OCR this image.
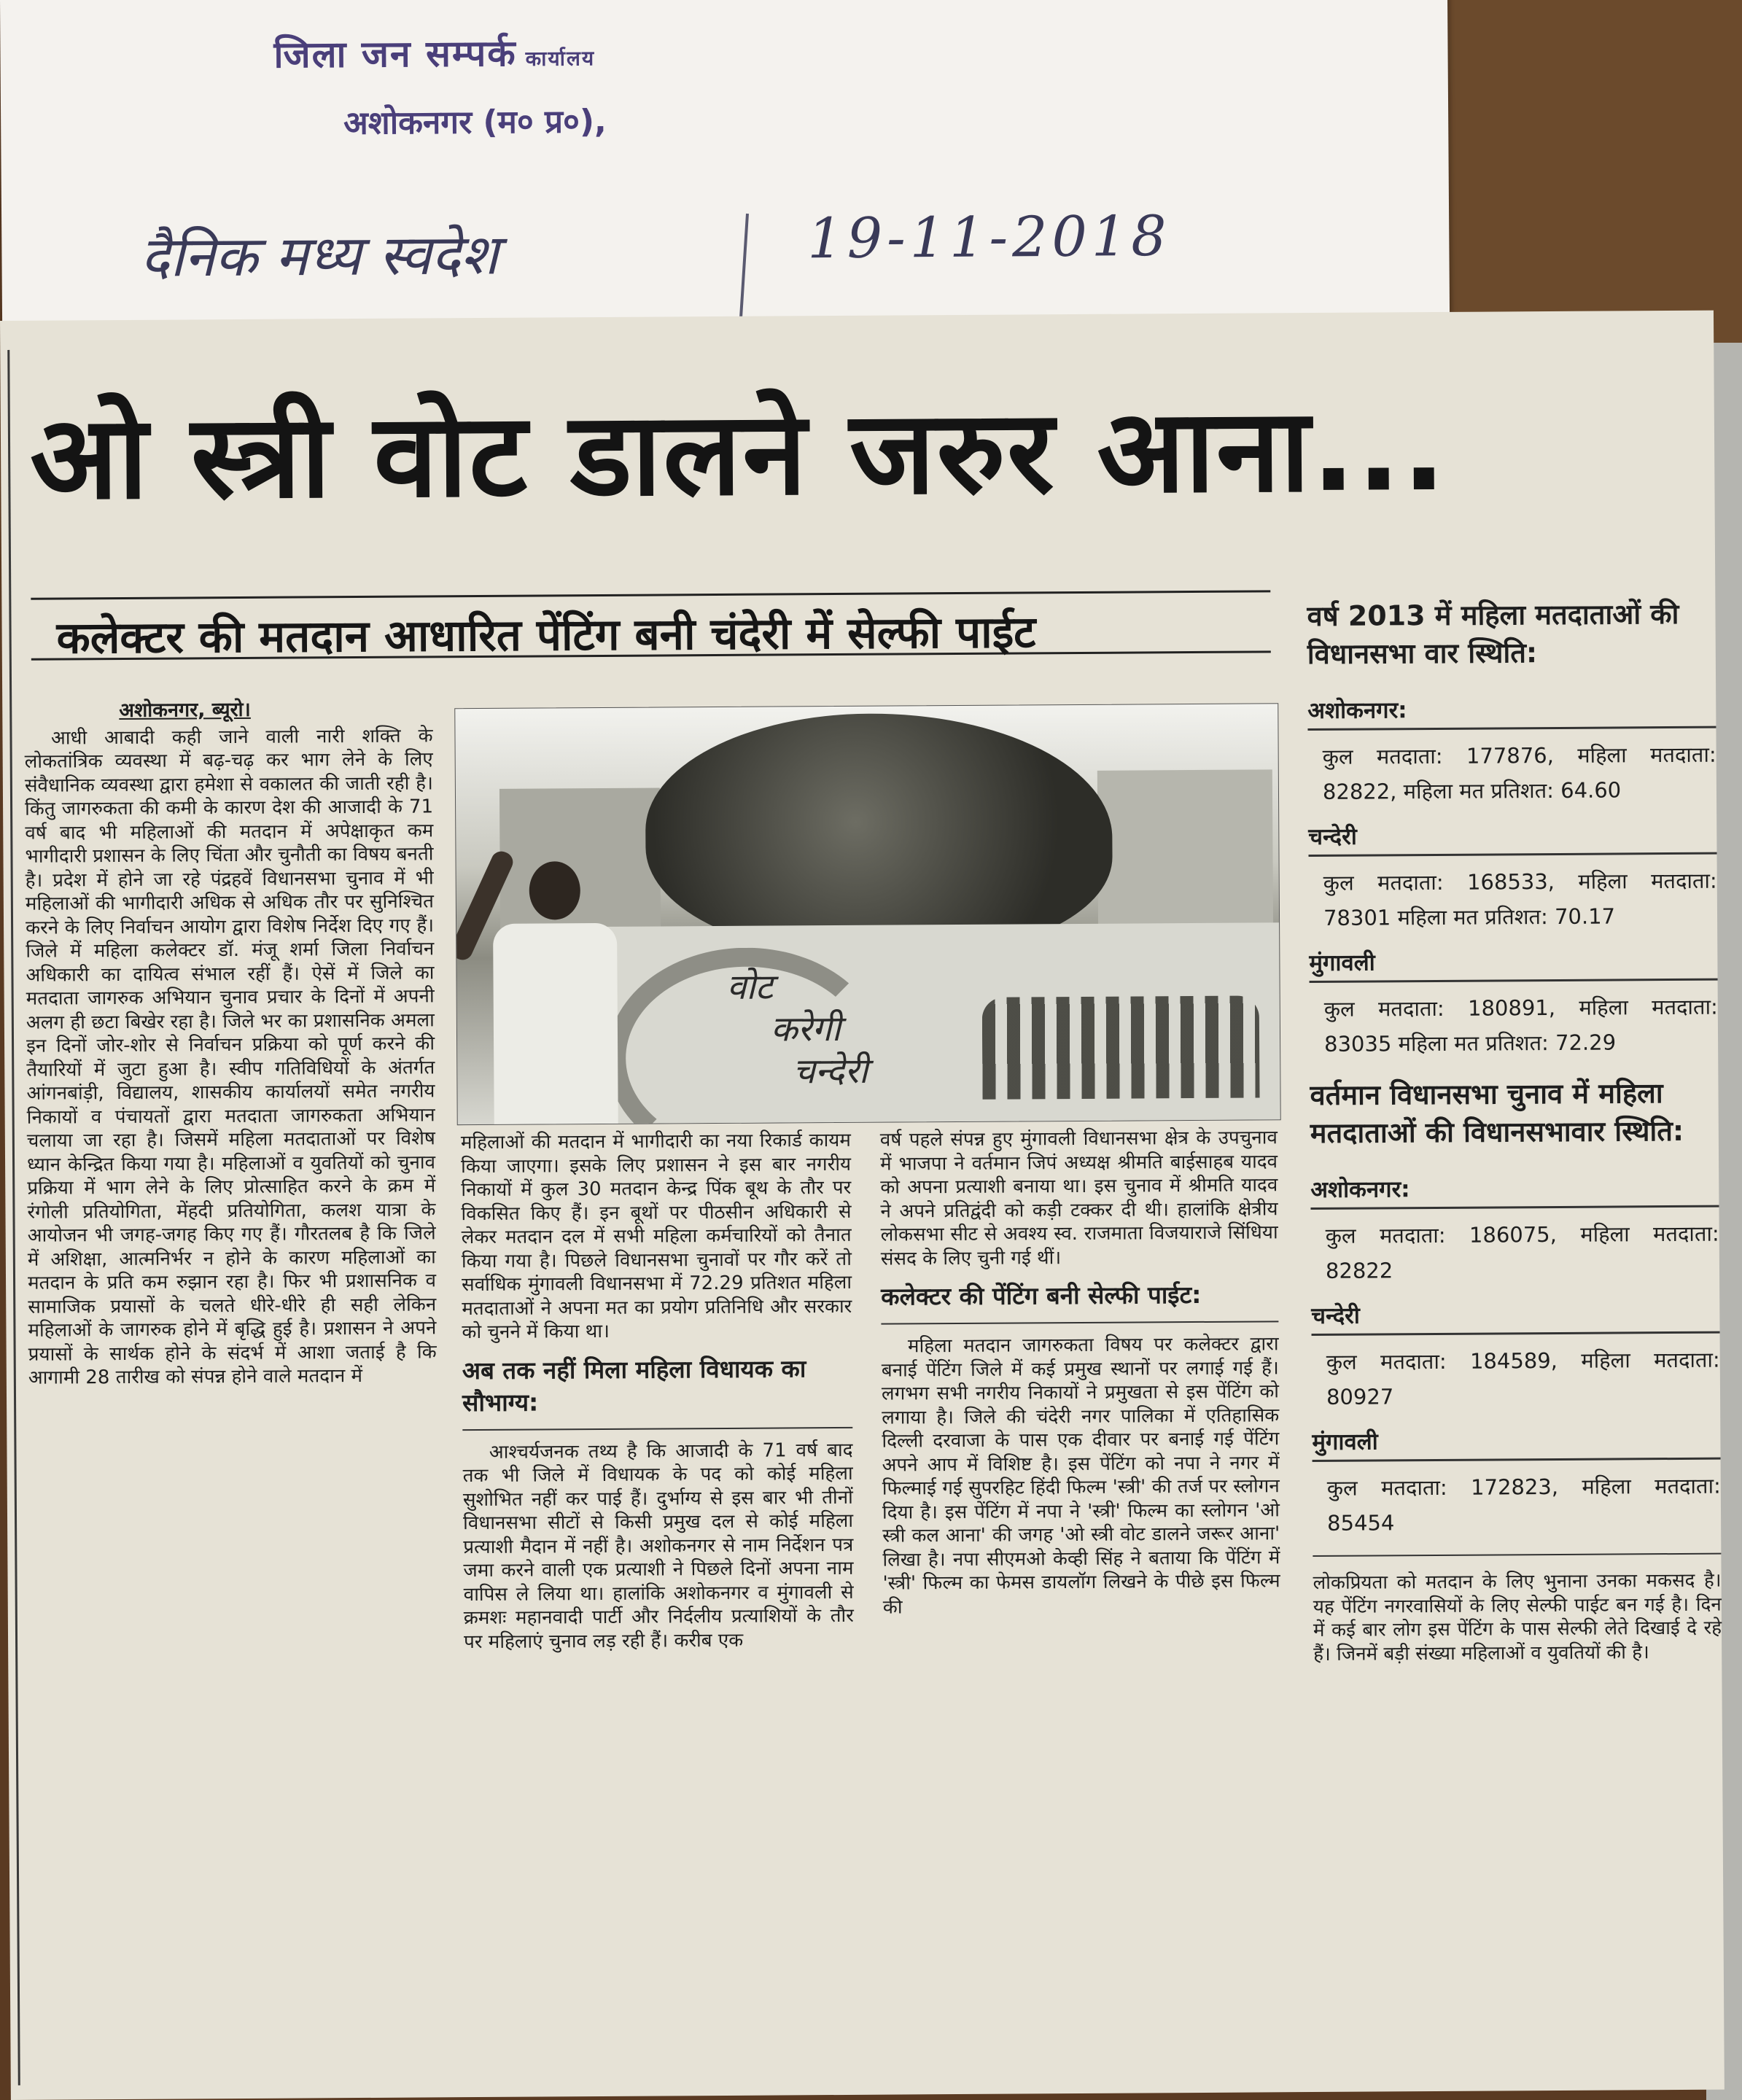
जिला जन सम्पर्क कार्यालय
अशोकनगर (म० प्र०),
दैनिक मध्य स्वदेश	19-11-2018
ओ स्त्री वोट डालने जरुर आना...
कलेक्टर की मतदान आधारित पेंटिंग बनी चंदेरी में सेल्फी पाईट
अशोकनगर, ब्यूरो।

आधी आबादी कही जाने वाली नारी शक्ति के लोकतांत्रिक व्यवस्था में बढ़-चढ़ कर भाग लेने के लिए संवैधानिक व्यवस्था द्वारा हमेशा से वकालत की जाती रही है। किंतु जागरुकता की कमी के कारण देश की आजादी के 71 वर्ष बाद भी महिलाओं की मतदान में अपेक्षाकृत कम भागीदारी प्रशासन के लिए चिंता और चुनौती का विषय बनती है। प्रदेश में होने जा रहे पंद्रहवें विधानसभा चुनाव में भी महिलाओं की भागीदारी अधिक से अधिक तौर पर सुनिश्चित करने के लिए निर्वाचन आयोग द्वारा विशेष निर्देश दिए गए हैं। जिले में महिला कलेक्टर डॉ. मंजू शर्मा जिला निर्वाचन अधिकारी का दायित्व संभाल रहीं हैं। ऐसें में जिले का मतदाता जागरुक अभियान चुनाव प्रचार के दिनों में अपनी अलग ही छटा बिखेर रहा है। जिले भर का प्रशासनिक अमला इन दिनों जोर-शोर से निर्वाचन प्रक्रिया को पूर्ण करने की तैयारियों में जुटा हुआ है। स्वीप गतिविधियों के अंतर्गत आंगनबांड़ी, विद्यालय, शासकीय कार्यालयों समेत नगरीय निकायों व पंचायतों द्वारा मतदाता जागरुकता अभियान चलाया जा रहा है। जिसमें महिला मतदाताओं पर विशेष ध्यान केन्द्रित किया गया है। महिलाओं व युवतियों को चुनाव प्रक्रिया में भाग लेने के लिए प्रोत्साहित करने के क्रम में रंगोली प्रतियोगिता, मेंहदी प्रतियोगिता, कलश यात्रा के आयोजन भी जगह-जगह किए गए हैं। गौरतलब है कि जिले में अशिक्षा, आत्मनिर्भर न होने के कारण महिलाओं का मतदान के प्रति कम रुझान रहा है। फिर भी प्रशासनिक व सामाजिक प्रयासों के चलते धीरे-धीरे ही सही लेकिन महिलाओं के जागरुक होने में बृद्धि हुई है। प्रशासन ने अपने प्रयासों के सार्थक होने के संदर्भ में आशा जताई है कि आगामी 28 तारीख को संपन्न होने वाले मतदान में

वोट
करेगी
चन्देरी

महिलाओं की मतदान में भागीदारी का नया रिकार्ड कायम किया जाएगा। इसके लिए प्रशासन ने इस बार नगरीय निकायों में कुल 30 मतदान केन्द्र पिंक बूथ के तौर पर विकसित किए हैं। इन बूथों पर पीठसीन अधिकारी से लेकर मतदान दल में सभी महिला कर्मचारियों को तैनात किया गया है। पिछले विधानसभा चुनावों पर गौर करें तो सर्वाधिक मुंगावली विधानसभा में 72.29 प्रतिशत महिला मतदाताओं ने अपना मत का प्रयोग प्रतिनिधि और सरकार को चुनने में किया था।

अब तक नहीं मिला महिला विधायक का सौभाग्य:

आश्चर्यजनक तथ्य है कि आजादी के 71 वर्ष बाद तक भी जिले में विधायक के पद को कोई महिला सुशोभित नहीं कर पाई हैं। दुर्भाग्य से इस बार भी तीनों विधानसभा सीटों से किसी प्रमुख दल से कोई महिला प्रत्याशी मैदान में नहीं है। अशोकनगर से नाम निर्देशन पत्र जमा करने वाली एक प्रत्याशी ने पिछले दिनों अपना नाम वापिस ले लिया था। हालांकि अशोकनगर व मुंगावली से क्रमशः महानवादी पार्टी और निर्दलीय प्रत्याशियों के तौर पर महिलाएं चुनाव लड़ रही हैं। करीब एक

वर्ष पहले संपन्न हुए मुंगावली विधानसभा क्षेत्र के उपचुनाव में भाजपा ने वर्तमान जिपं अध्यक्ष श्रीमति बाईसाहब यादव को अपना प्रत्याशी बनाया था। इस चुनाव में श्रीमति यादव ने अपने प्रतिद्वंदी को कड़ी टक्कर दी थी। हालांकि क्षेत्रीय लोकसभा सीट से अवश्य स्व. राजमाता विजयाराजे सिंधिया संसद के लिए चुनी गई थीं।

कलेक्टर की पेंटिंग बनी सेल्फी पाईट:

महिला मतदान जागरुकता विषय पर कलेक्टर द्वारा बनाई पेंटिंग जिले में कई प्रमुख स्थानों पर लगाई गई हैं। लगभग सभी नगरीय निकायों ने प्रमुखता से इस पेंटिंग को लगाया है। जिले की चंदेरी नगर पालिका में एतिहासिक दिल्ली दरवाजा के पास एक दीवार पर बनाई गई पेंटिंग अपने आप में विशिष्ट है। इस पेंटिंग को नपा ने नगर में फिल्माई गई सुपरहिट हिंदी फिल्म 'स्त्री' की तर्ज पर स्लोगन दिया है। इस पेंटिंग में नपा ने 'स्त्री' फिल्म का स्लोगन 'ओ स्त्री कल आना' की जगह 'ओ स्त्री वोट डालने जरूर आना' लिखा है। नपा सीएमओ केव्ही सिंह ने बताया कि पेंटिंग में 'स्त्री' फिल्म का फेमस डायलॉग लिखने के पीछे इस फिल्म की

वर्ष 2013 में महिला मतदाताओं की विधानसभा वार स्थिति:
अशोकनगर:
कुल मतदाता: 177876, महिला मतदाता: 82822, महिला मत प्रतिशत: 64.60
चन्देरी
कुल मतदाता: 168533, महिला मतदाता: 78301 महिला मत प्रतिशत: 70.17
मुंगावली
कुल मतदाता: 180891, महिला मतदाता: 83035 महिला मत प्रतिशत: 72.29
वर्तमान विधानसभा चुनाव में महिला मतदाताओं की विधानसभावार स्थिति:
अशोकनगर:
कुल मतदाता: 186075, महिला मतदाता: 82822
चन्देरी
कुल मतदाता: 184589, महिला मतदाता: 80927
मुंगावली
कुल मतदाता: 172823, महिला मतदाता: 85454
लोकप्रियता को मतदान के लिए भुनाना उनका मकसद है। यह पेंटिंग नगरवासियों के लिए सेल्फी पाईट बन गई है। दिन में कई बार लोग इस पेंटिंग के पास सेल्फी लेते दिखाई दे रहे हैं। जिनमें बड़ी संख्या महिलाओं व युवतियों की है।
